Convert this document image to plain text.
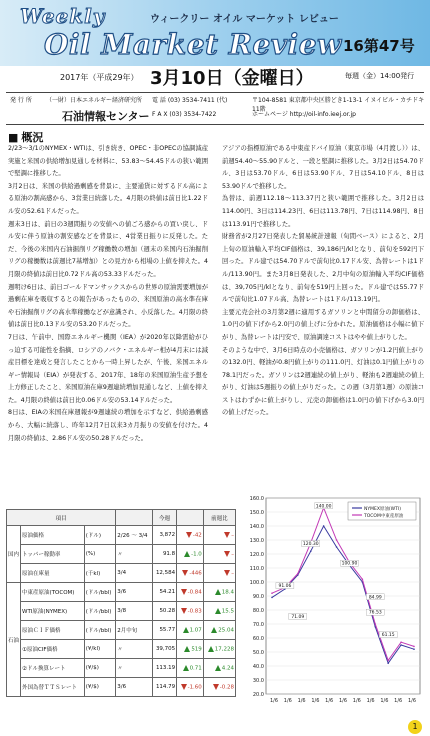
Weekly	ウィークリー オイル マーケット レビュー
Oil Market Review 16第47号
2017年（平成29年） 3月10日（金曜日）	毎週（金）14:00発行
発 行 所 （一財）日本エネルギー経済研究所
石油情報センター
電 話 (03) 3534-7411 (代)
F A X (03) 3534-7422
〒104-8581 東京都中央区勝どき1-13-1 イヌイビル・カチドキ11階
ホームページ http://oil-info.ieej.or.jp
■ 概況

2/23～3/1のNYMEX・WTIは、引き続き、OPEC・非OPECの協調減産実施と米国の供給増加見通しを材料に、53.83～54.45ドルの狭い範囲で堅調に推移した。

3月2日は、米国の供給過剰感を背景に、主要通貨に対するドル高による原油の割高感から、3営業日続落した。4月限の終値は前日比1.22ドル安の52.61ドルだった。

週末3日は、前日の3週間振りの安値への値ごろ感からの買い戻し、ドル安に伴う原油の割安感などを背景に、4営業日振りに反発した。ただ、今後の米国内石油掘削リグ稼働数の増加（週末の米国内石油掘削リグの稼働数は前週比7基増加）との見方から相場の上値を抑えた。4月限の終値は前日比0.72ドル高の53.33ドルだった。

週明け6日は、前日ゴールドマンサックスからの世界の原油需要増加が過剰在庫を吸収するとの報告があったものの、米国原油の高水準在庫や石油掘削リグの高水準稼働などが意識され、小反落した。4月限の終値は前日比0.13ドル安の53.20ドルだった。

7日は、午前中、国際エネルギー機関（IEA）が2020年以降需給がひっ迫する可能性を指摘、ロシアのノバク・エネルギー相が4月末には減産目標を達成と発言したことから一時上昇したが、午後、米国エネルギー情報局（EIA）が発表する、2017年、18年の米国原油生産予想を上方修正したこと、米国原油在庫9週連続増加見通しなど、上値を抑えた。4月限の終値は前日比0.06ドル安の53.14ドルだった。

8日は、EIAの米国在庫週報が9週連続の増加を示すなど、供給過剰感から、大幅に続落し、昨年12月7日以来3カ月振りの安値を付けた。4月限の終値は、2.86ドル安の50.28ドルだった。

アジアの指標原油である中東産ドバイ原油（東京市場（4月渡し））は、前週54.40～55.90ドルと、一段と堅調に推移した。3月2日は54.70ドル、3日は53.70ドル、6日は53.90ドル、7日は54.10ドル、8日は53.90ドルで推移した。

為替は、前週112.18～113.37円と狭い範囲で推移した。3月2日は114.00円、3日は114.23円、6日は113.78円、7日は114.98円、8日は113.91円で推移した。

財務省が2月27日発表した貿易統計速報（旬間ベース）によると、2月上旬の原油輸入平均CIF価格は、39,186円/klとなり、前旬を592円下回った。ドル建では54.70ドルで前旬比0.17ドル安、為替レートは1ドル/113.90円。また3月8日発表した、2月中旬の原油輸入平均CIF価格は、39,705円/klとなり、前旬を519円上回った。ドル建では55.77ドルで前旬比1.07ドル高、為替レートは1ドル/113.19円。

主要元売会社の3月第2週に適用するガソリンと中間留分の卸価格は、1.0円の値下げから2.0円の値上げに分かれた。原油価格は小幅に値下がり、為替レートは円安で、原油調達コストはやや値上がりした。

そのような中で、3月6日時点の小売価格は、ガソリンが1.2円値上がりの132.0円、軽油が0.8円値上がりの111.0円、灯油は0.1円値上がりの78.1円だった。ガソリンは2週連続の値上がり、軽油も2週連続の値上がり、灯油は5週振りの値上がりだった。この週（3月第1週）の原油コストはわずかに値上がりし、元売の卸価格は1.0円の値下げから3.0円の値上げだった。

項目				今週		前週比
国内	原油価格	(ドル)	2/26 ～ 3/4	3,872	-42	–
	トッパー稼動率	(%)	〃	91.8	-1.0	–
	原油在庫量	(千kl)	3/4	12,584	-446	–
石油	中東産原油(TOCOM)	(ドル/bbl)	3/6	54.21	-0.84	18.4
	WTI原油(NYMEX)	(ドル/bbl)	3/8	50.28	-0.83	15.5
	原油ＣＩＦ価格	(ドル/bbl)	2月中旬	55.77	1.07	25.04
	①原油CIF価格	(¥/kl)	〃	39,705	519	17,228
	②ドル換算レート	(¥/$)	〃	113.19	0.71	4.24
	外国為替ＴＴＳレート	(¥/$)	3/6	114.79	-1.60	-0.28
160.0
150.0
140.0
130.0
120.0
110.0
100.0
90.0
80.0
70.0
60.0
50.0
40.0
30.0
20.0
1/6 1/6 1/6 1/6 1/6 1/6 1/6 1/6 1/6 1/6 1/6
NYMEX原油(WTI)
TOCOM中東産原油
140.00
120.30
100.90
91.06
76.53
71.09
84.99
61.15
1
